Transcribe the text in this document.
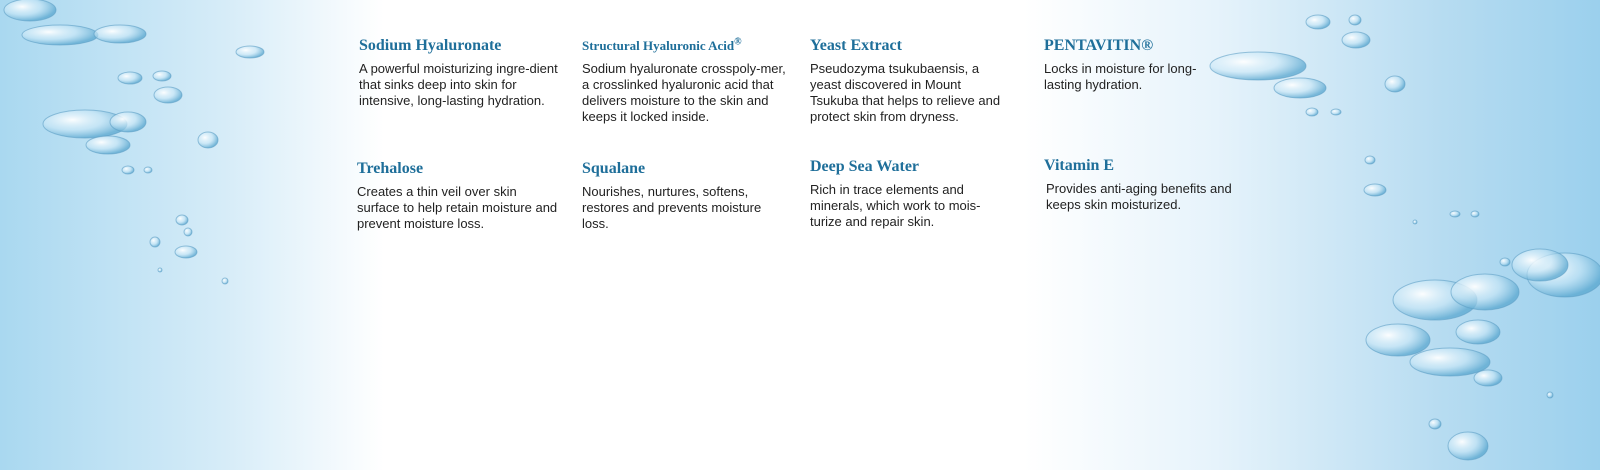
Sodium Hyaluronate

A powerful moisturizing ingre-dient that sinks deep into skin for intensive, long-lasting hydration.

Structural Hyaluronic Acid®

Sodium hyaluronate crosspoly-mer, a crosslinked hyaluronic acid that delivers moisture to the skin and keeps it locked inside.

Yeast Extract

Pseudozyma tsukubaensis, a yeast discovered in Mount Tsukuba that helps to relieve and protect skin from dryness.

PENTAVITIN®

Locks in moisture for long-lasting hydration.

Trehalose

Creates a thin veil over skin surface to help retain moisture and prevent moisture loss.

Squalane

Nourishes, nurtures, softens, restores and prevents moisture loss.

Deep Sea Water

Rich in trace elements and minerals, which work to mois-turize and repair skin.

Vitamin E

Provides anti-aging benefits and keeps skin moisturized.
